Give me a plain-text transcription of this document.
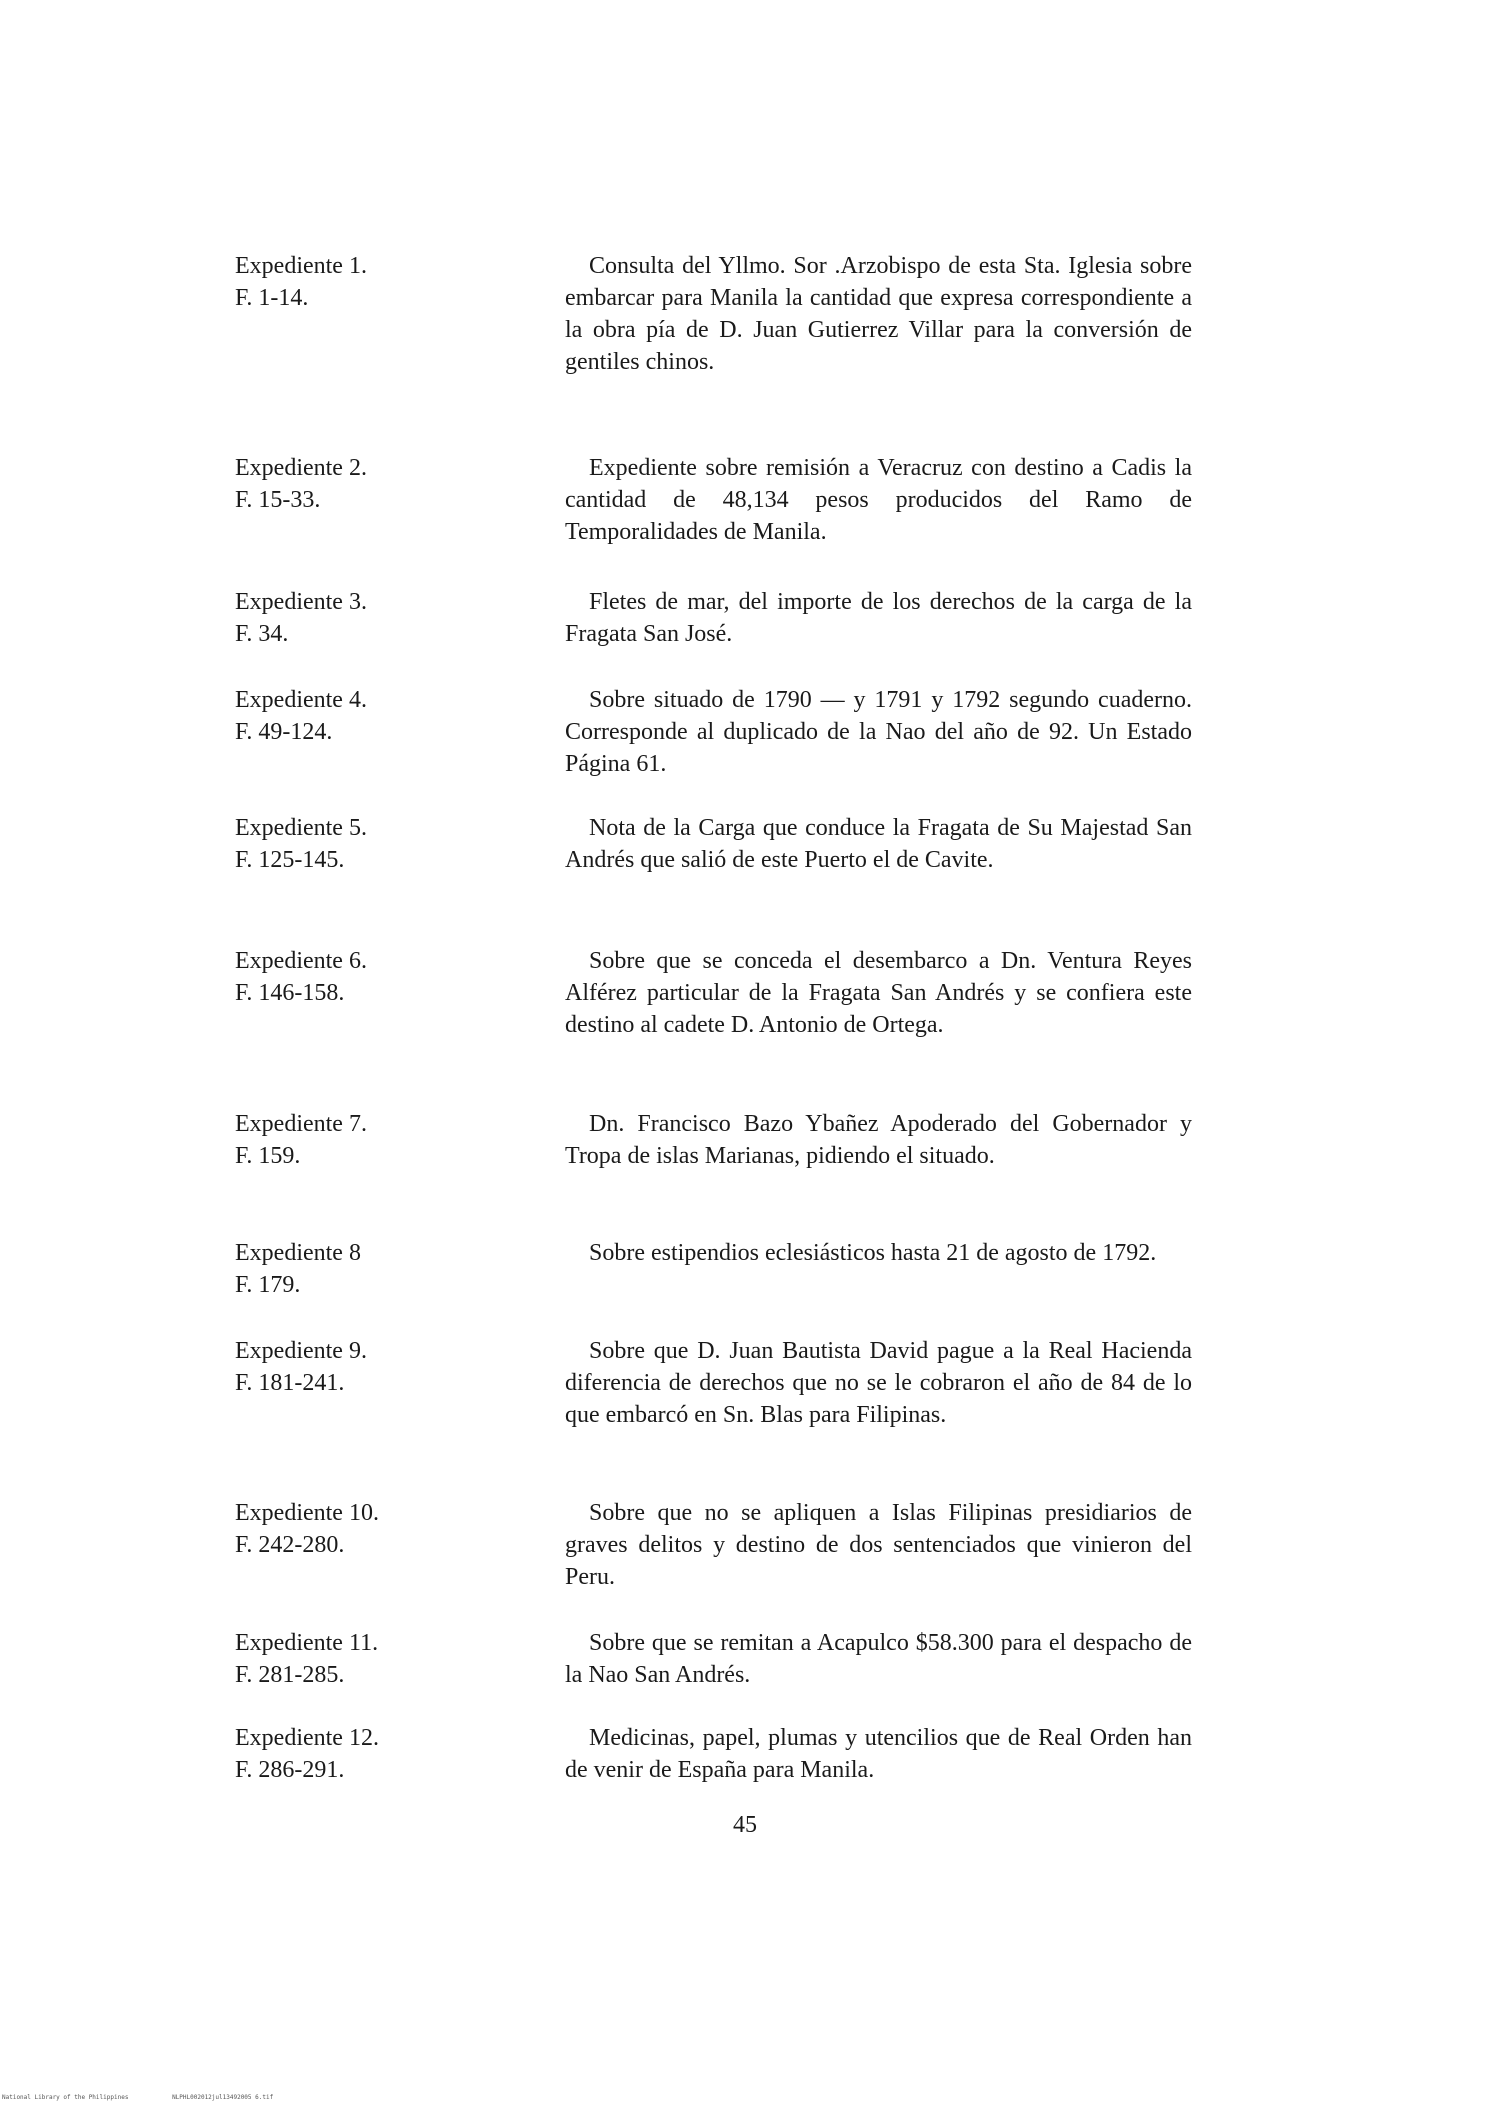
Expediente 1.
F. 1-14.
Consulta del Yllmo. Sor .Arzobispo de esta Sta. Iglesia sobre embarcar para Manila la cantidad que expresa correspondiente a la obra pía de D. Juan Gutierrez Villar para la conversión de gentiles chinos.
Expediente 2.
F. 15-33.
Expediente sobre remisión a Veracruz con destino a Cadis la cantidad de 48,134 pesos producidos del Ramo de Temporalidades de Manila.
Expediente 3.
F. 34.
Fletes de mar, del importe de los derechos de la carga de la Fragata San José.
Expediente 4.
F. 49-124.
Sobre situado de 1790 — y 1791 y 1792 segundo cuaderno. Corresponde al duplicado de la Nao del año de 92. Un Estado Página 61.
Expediente 5.
F. 125-145.
Nota de la Carga que conduce la Fragata de Su Majestad San Andrés que salió de este Puerto el de Cavite.
Expediente 6.
F. 146-158.
Sobre que se conceda el desembarco a Dn. Ventura Reyes Alférez particular de la Fragata San Andrés y se confiera este destino al cadete D. Antonio de Ortega.
Expediente 7.
F. 159.
Dn. Francisco Bazo Ybañez Apoderado del Gobernador y Tropa de islas Marianas, pidiendo el situado.
Expediente 8
F. 179.
Sobre estipendios eclesiásticos hasta 21 de agosto de 1792.
Expediente 9.
F. 181-241.
Sobre que D. Juan Bautista David pague a la Real Hacienda diferencia de derechos que no se le cobraron el año de 84 de lo que embarcó en Sn. Blas para Filipinas.
Expediente 10.
F. 242-280.
Sobre que no se apliquen a Islas Filipinas presidiarios de graves delitos y destino de dos sentenciados que vinieron del Peru.
Expediente 11.
F. 281-285.
Sobre que se remitan a Acapulco $58.300 para el despacho de la Nao San Andrés.
Expediente 12.
F. 286-291.
Medicinas, papel, plumas y utencilios que de Real Orden han de venir de España para Manila.
45
National Library of the Philippines	NLPHL002012jul13492005 6.tif
